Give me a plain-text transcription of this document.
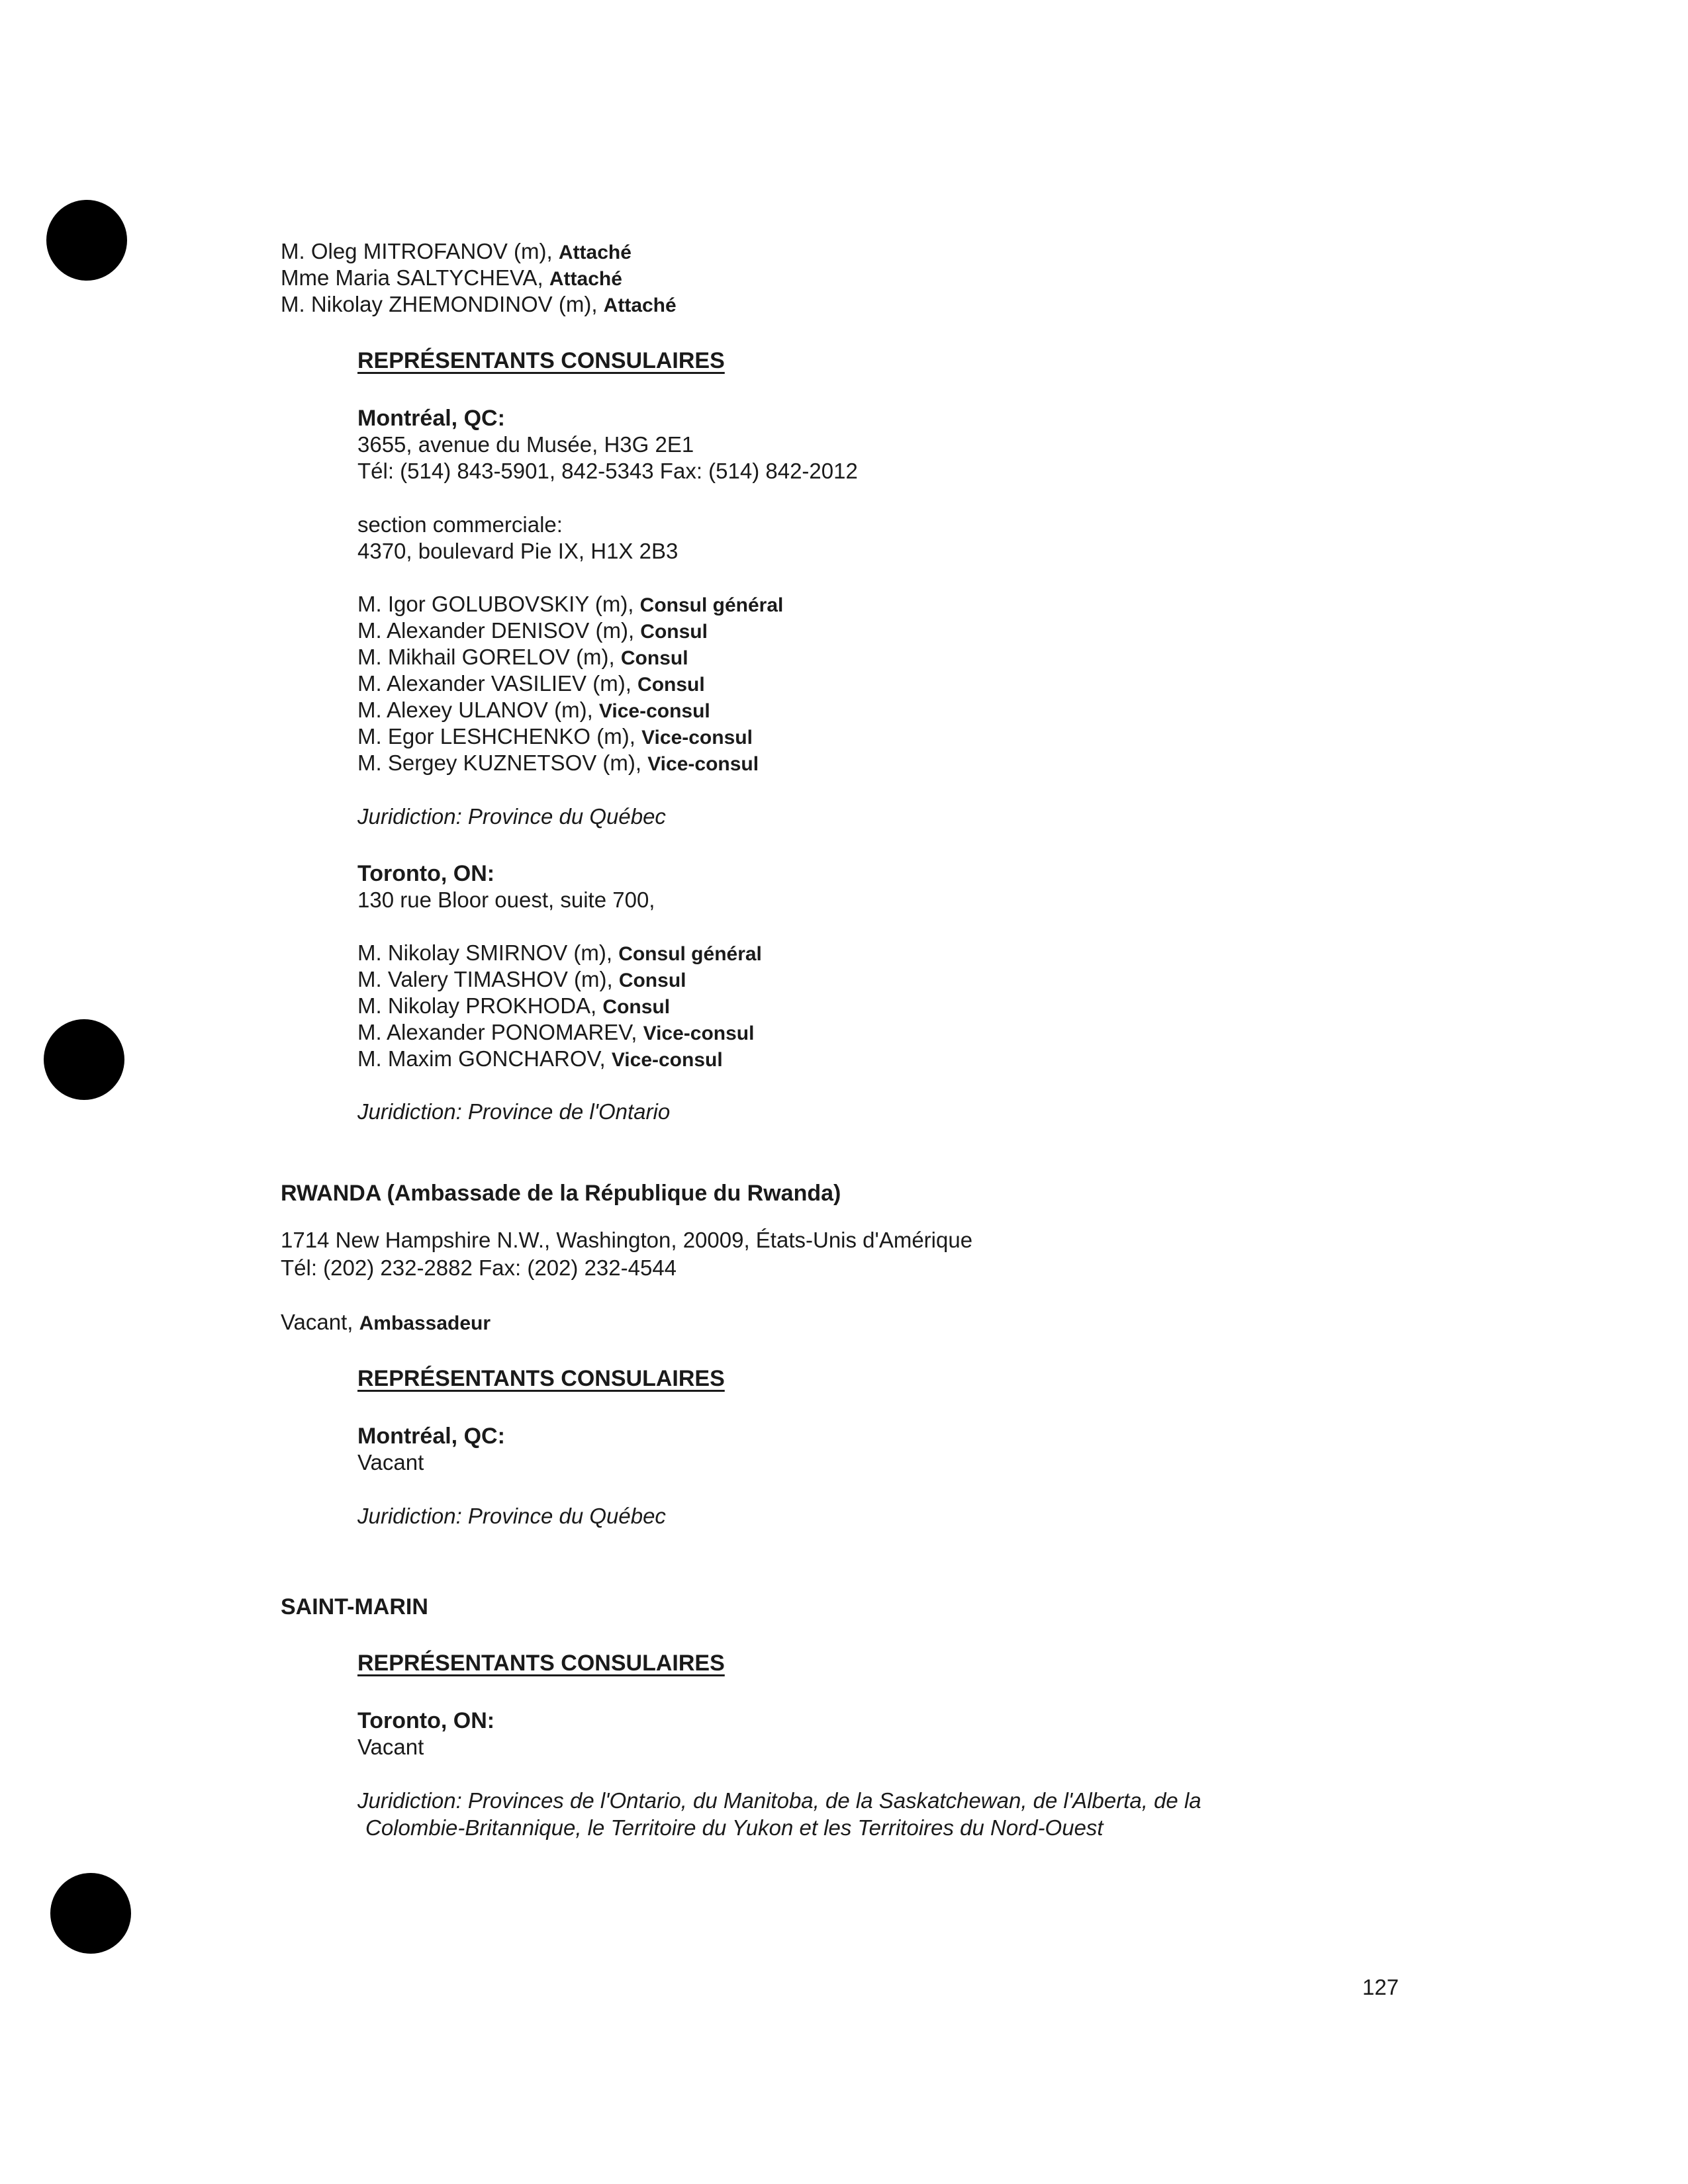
M. Oleg MITROFANOV (m), Attaché
Mme Maria SALTYCHEVA, Attaché
M. Nikolay ZHEMONDINOV (m), Attaché
REPRÉSENTANTS CONSULAIRES
Montréal, QC:
3655, avenue du Musée, H3G 2E1
Tél: (514) 843-5901, 842-5343 Fax: (514) 842-2012
section commerciale:
4370, boulevard Pie IX, H1X 2B3
M. Igor GOLUBOVSKIY (m), Consul général
M. Alexander DENISOV (m), Consul
M. Mikhail GORELOV (m), Consul
M. Alexander VASILIEV (m), Consul
M. Alexey ULANOV (m), Vice-consul
M. Egor LESHCHENKO (m), Vice-consul
M. Sergey KUZNETSOV (m), Vice-consul
Juridiction: Province du Québec
Toronto, ON:
130 rue Bloor ouest, suite 700,
M. Nikolay SMIRNOV (m), Consul général
M. Valery TIMASHOV (m), Consul
M. Nikolay PROKHODA, Consul
M. Alexander PONOMAREV, Vice-consul
M. Maxim GONCHAROV, Vice-consul
Juridiction: Province de l'Ontario
RWANDA (Ambassade de la République du Rwanda)
1714 New Hampshire N.W., Washington, 20009, États-Unis d'Amérique
Tél: (202) 232-2882 Fax: (202) 232-4544
Vacant, Ambassadeur
REPRÉSENTANTS CONSULAIRES
Montréal, QC:
Vacant
Juridiction: Province du Québec
SAINT-MARIN
REPRÉSENTANTS CONSULAIRES
Toronto, ON:
Vacant
Juridiction: Provinces de l'Ontario, du Manitoba, de la Saskatchewan, de l'Alberta, de la
Colombie-Britannique, le Territoire du Yukon et les Territoires du Nord-Ouest
127
